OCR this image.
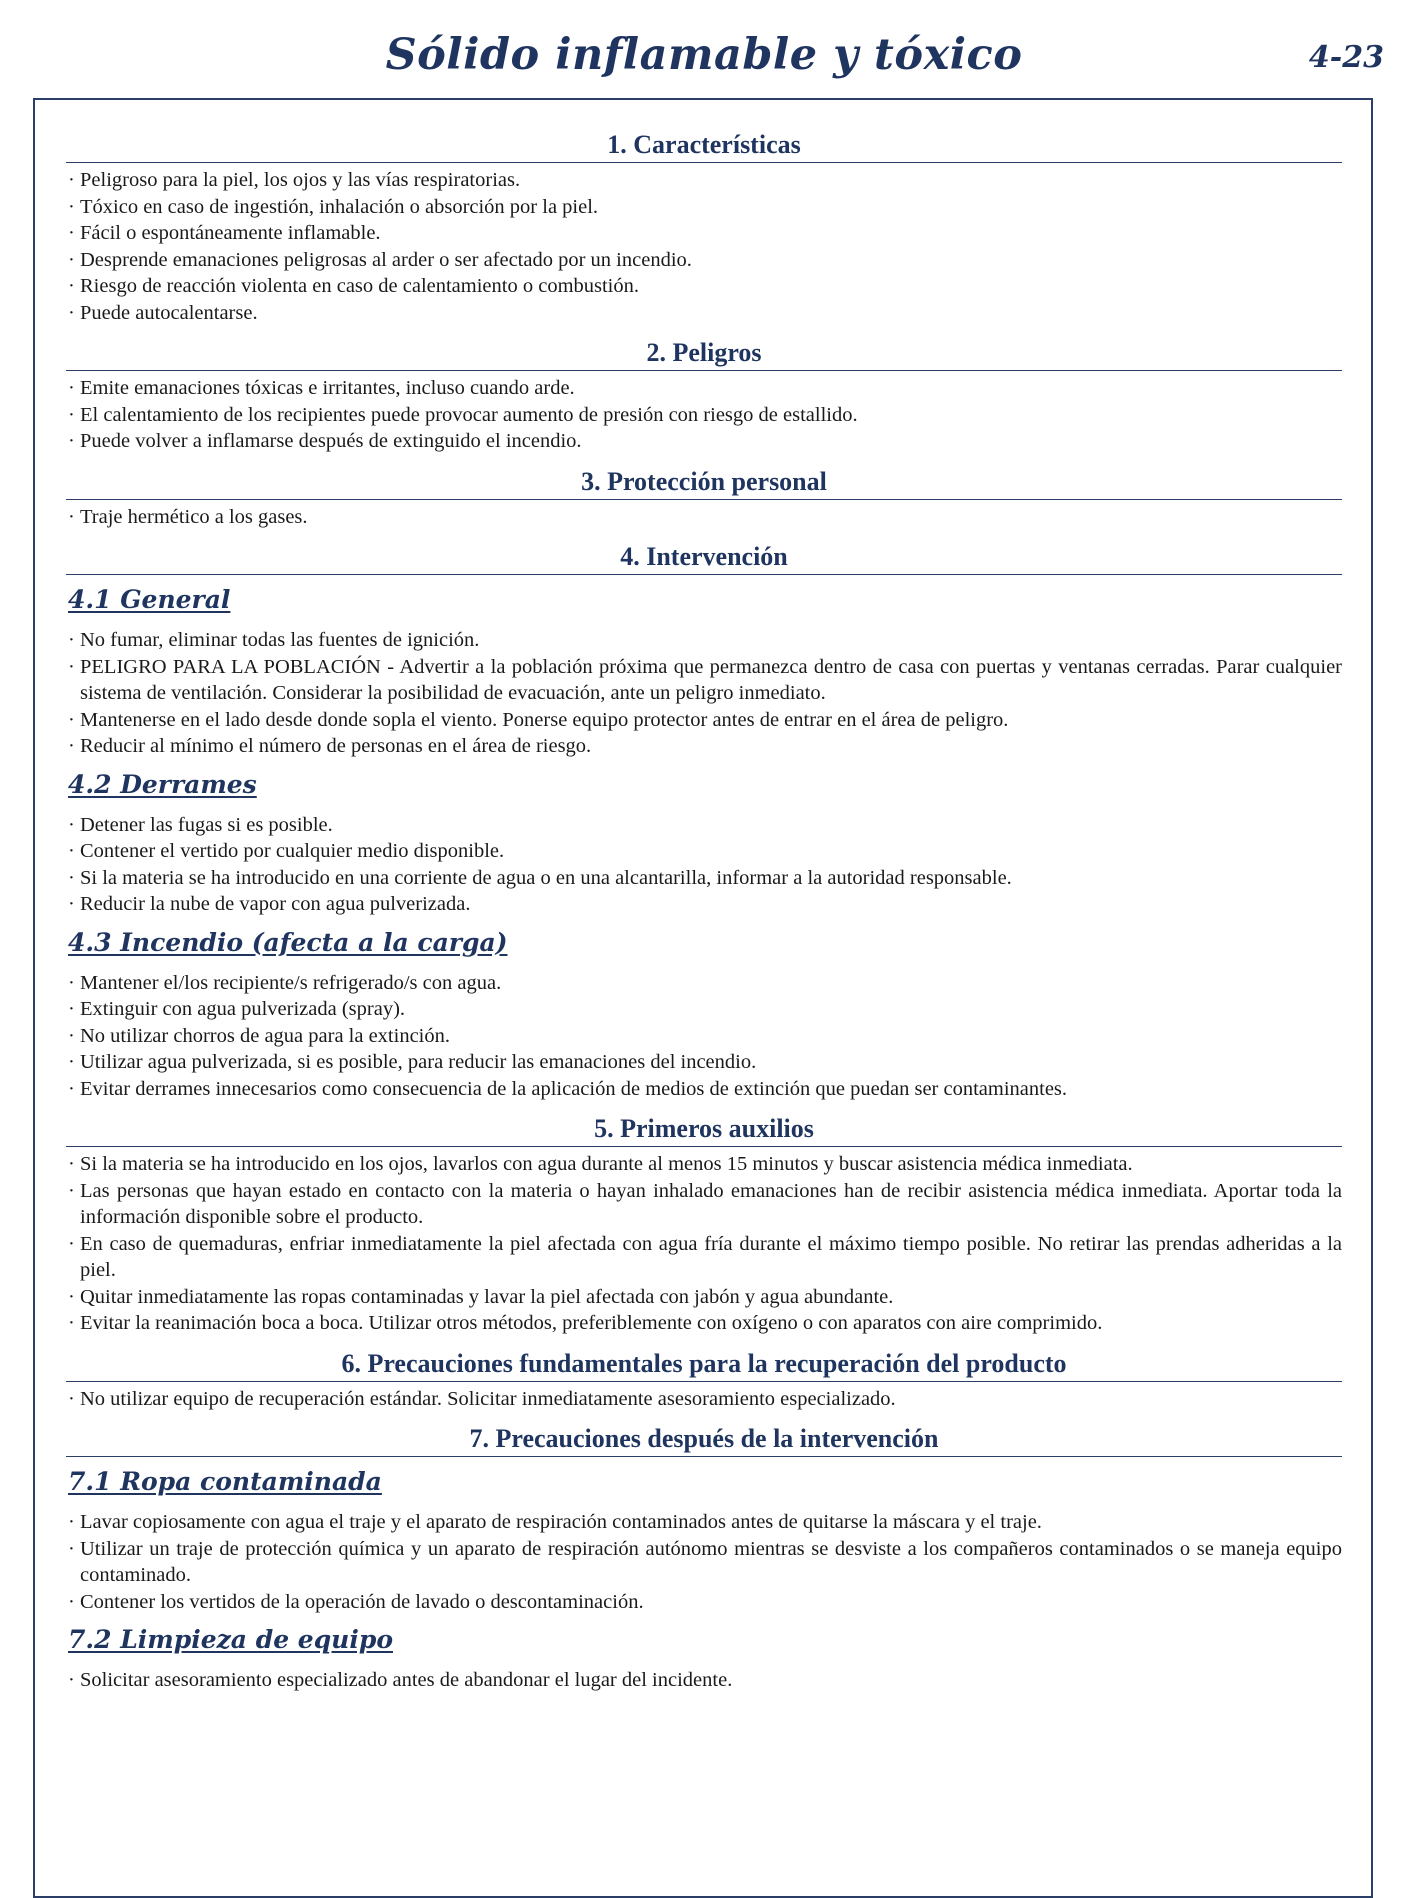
Sólido inflamable y tóxico	4-23
1. Características
· Peligroso para la piel, los ojos y las vías respiratorias.
· Tóxico en caso de ingestión, inhalación o absorción por la piel.
· Fácil o espontáneamente inflamable.
· Desprende emanaciones peligrosas al arder o ser afectado por un incendio.
· Riesgo de reacción violenta en caso de calentamiento o combustión.
· Puede autocalentarse.
2. Peligros
· Emite emanaciones tóxicas e irritantes, incluso cuando arde.
· El calentamiento de los recipientes puede provocar aumento de presión con riesgo de estallido.
· Puede volver a inflamarse después de extinguido el incendio.
3. Protección personal
· Traje hermético a los gases.
4. Intervención
4.1 General
· No fumar, eliminar todas las fuentes de ignición.
· PELIGRO PARA LA POBLACIÓN - Advertir a la población próxima que permanezca dentro de casa con puertas y ventanas cerradas. Parar cualquier sistema de ventilación. Considerar la posibilidad de evacuación, ante un peligro inmediato.
· Mantenerse en el lado desde donde sopla el viento. Ponerse equipo protector antes de entrar en el área de peligro.
· Reducir al mínimo el número de personas en el área de riesgo.
4.2 Derrames
· Detener las fugas si es posible.
· Contener el vertido por cualquier medio disponible.
· Si la materia se ha introducido en una corriente de agua o en una alcantarilla, informar a la autoridad responsable.
· Reducir la nube de vapor con agua pulverizada.
4.3 Incendio (afecta a la carga)
· Mantener el/los recipiente/s refrigerado/s con agua.
· Extinguir con agua pulverizada (spray).
· No utilizar chorros de agua para la extinción.
· Utilizar agua pulverizada, si es posible, para reducir las emanaciones del incendio.
· Evitar derrames innecesarios como consecuencia de la aplicación de medios de extinción que puedan ser contaminantes.
5. Primeros auxilios
· Si la materia se ha introducido en los ojos, lavarlos con agua durante al menos 15 minutos y buscar asistencia médica inmediata.
· Las personas que hayan estado en contacto con la materia o hayan inhalado emanaciones han de recibir asistencia médica inmediata. Aportar toda la información disponible sobre el producto.
· En caso de quemaduras, enfriar inmediatamente la piel afectada con agua fría durante el máximo tiempo posible. No retirar las prendas adheridas a la piel.
· Quitar inmediatamente las ropas contaminadas y lavar la piel afectada con jabón y agua abundante.
· Evitar la reanimación boca a boca. Utilizar otros métodos, preferiblemente con oxígeno o con aparatos con aire comprimido.
6. Precauciones fundamentales para la recuperación del producto
· No utilizar equipo de recuperación estándar. Solicitar inmediatamente asesoramiento especializado.
7. Precauciones después de la intervención
7.1 Ropa contaminada
· Lavar copiosamente con agua el traje y el aparato de respiración contaminados antes de quitarse la máscara y el traje.
· Utilizar un traje de protección química y un aparato de respiración autónomo mientras se desviste a los compañeros contaminados o se maneja equipo contaminado.
· Contener los vertidos de la operación de lavado o descontaminación.
7.2 Limpieza de equipo
· Solicitar asesoramiento especializado antes de abandonar el lugar del incidente.
